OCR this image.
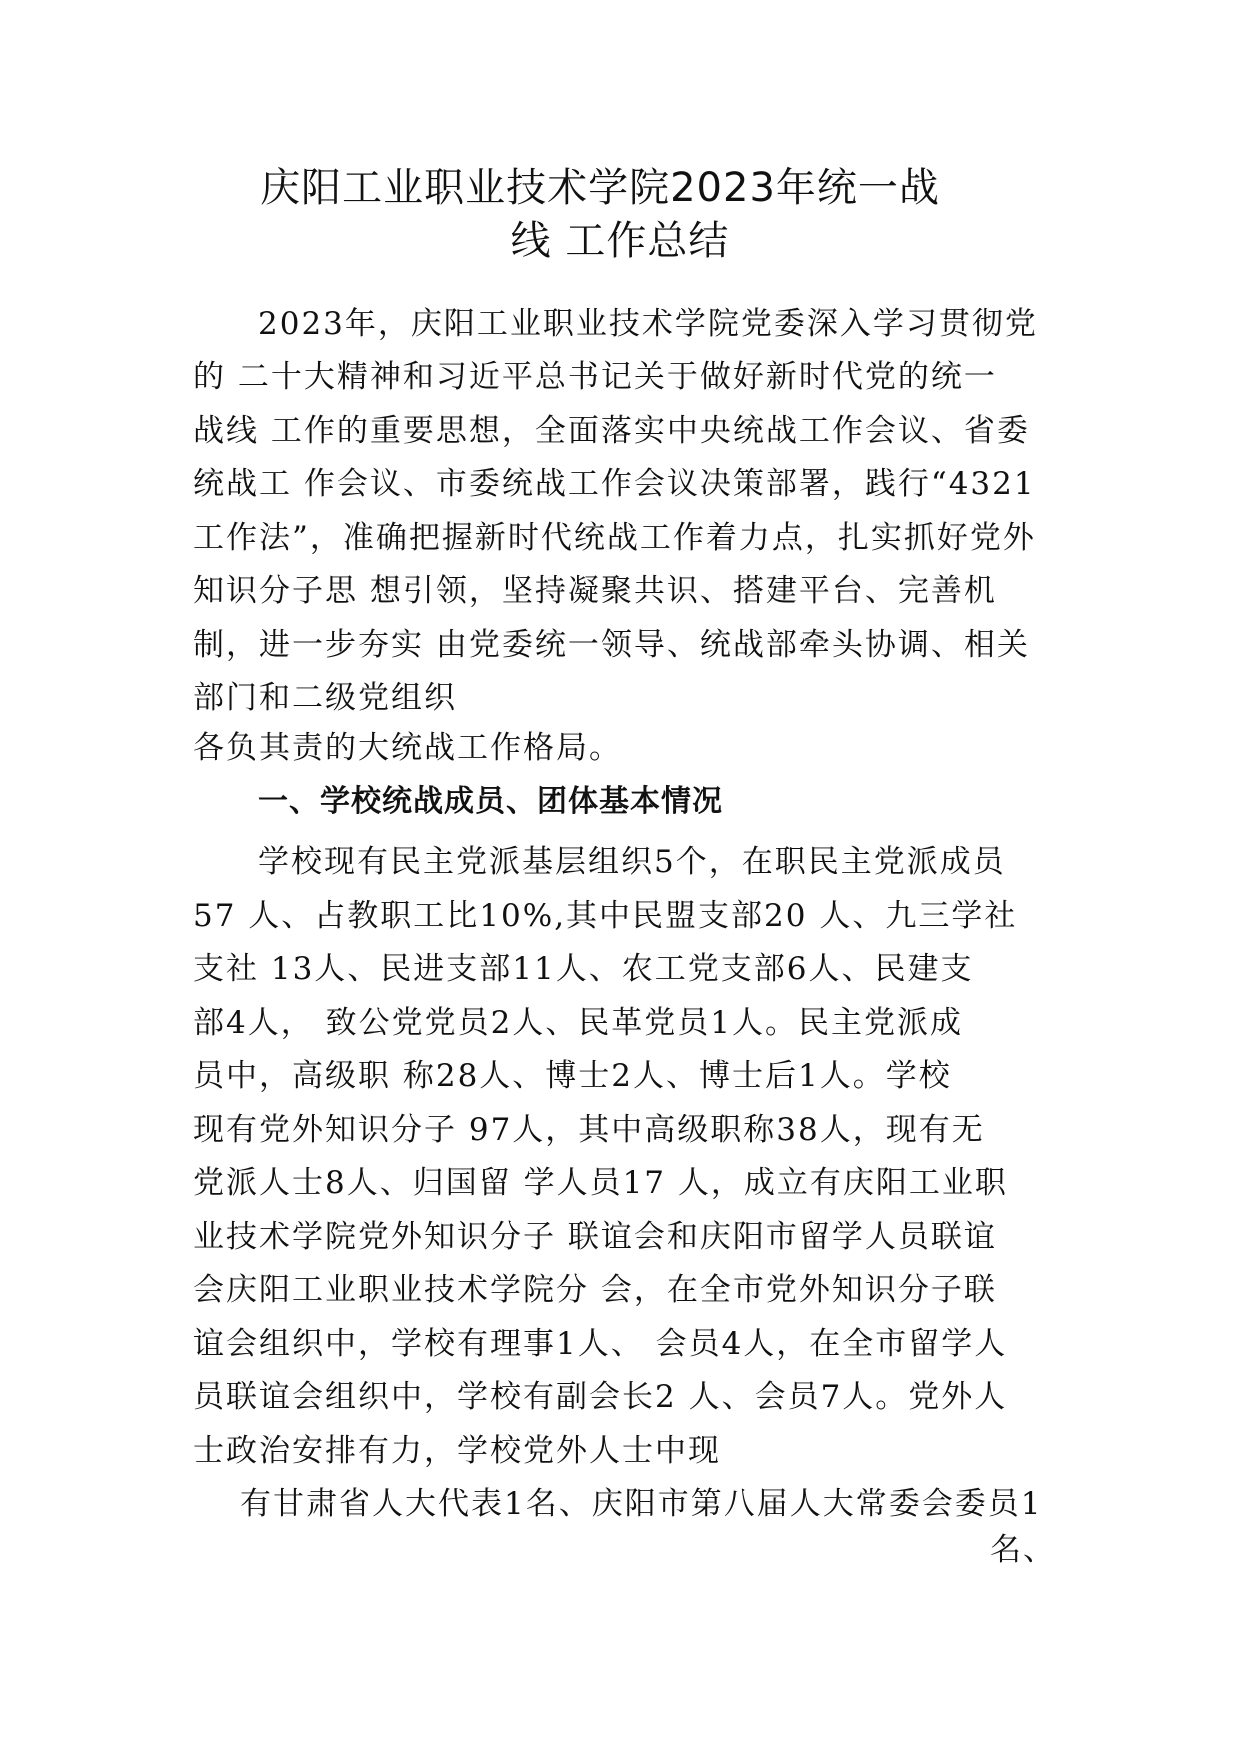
庆阳工业职业技术学院2023年统一战
线 工作总结
2023年，庆阳工业职业技术学院党委深入学习贯彻党
的 二十大精神和习近平总书记关于做好新时代党的统一
战线 工作的重要思想，全面落实中央统战工作会议、省委
统战工 作会议、市委统战工作会议决策部署，践行“4321
工作法”，准确把握新时代统战工作着力点，扎实抓好党外
知识分子思 想引领，坚持凝聚共识、搭建平台、完善机
制，进一步夯实 由党委统一领导、统战部牵头协调、相关
部门和二级党组织
各负其责的大统战工作格局。
一、学校统战成员、团体基本情况
学校现有民主党派基层组织5个，在职民主党派成员
57 人、占教职工比10%,其中民盟支部20 人、九三学社
支社 13人、民进支部11人、农工党支部6人、民建支
部4人， 致公党党员2人、民革党员1人。民主党派成
员中，高级职 称28人、博士2人、博士后1人。学校
现有党外知识分子 97人，其中高级职称38人，现有无
党派人士8人、归国留 学人员17 人，成立有庆阳工业职
业技术学院党外知识分子 联谊会和庆阳市留学人员联谊
会庆阳工业职业技术学院分 会，在全市党外知识分子联
谊会组织中，学校有理事1人、 会员4人，在全市留学人
员联谊会组织中，学校有副会长2 人、会员7人。党外人
士政治安排有力，学校党外人士中现
有甘肃省人大代表1名、庆阳市第八届人大常委会委员1
名、
